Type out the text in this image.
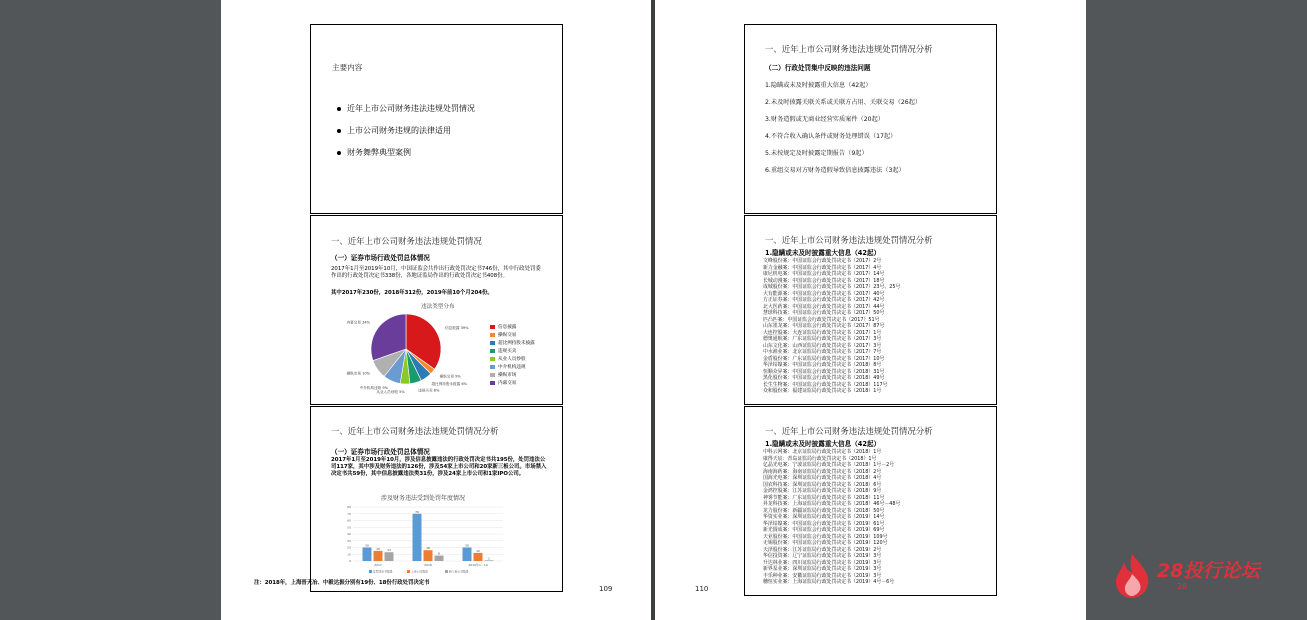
主要内容
近年上市公司财务违法违规处罚情况
上市公司财务违规的法律适用
财务舞弊典型案例
一、近年上市公司财务违法违规处罚情况
（一）证券市场行政处罚总体情况
2017年1月至2019年10月，中国证监会共作出行政处罚决定书746份，其中行政处罚委作出的行政处罚决定书338份，各地证监局作出的行政处罚决定书408份。
其中2017年230份，2018年312份，2019年前10个月204份。
违法类型分布
信息披露 39%
操纵交易 9%
超比例持股未披露 6%
违规买卖 6%
从业人员炒股 5%
中介机构违规 9%
操纵市场 10%
内幕交易 34%
信息披露
操纵交易
超比例持股未披露
违规买卖
从业人员炒股
中介机构违规
操纵市场
内幕交易
一、近年上市公司财务违法违规处罚情况分析
（一）证券市场行政处罚总体情况
2017年1月至2019年10月，涉及信息披露违法的行政处罚决定书共195份，处罚违法公司117家，其中涉及财务违法的126份，涉及54家上市公司和20家新三板公司。市场禁入决定书共59份，其中信息披露违法类31份，涉及24家上市公司和1家IPO公司。
涉及财务违法受到处罚年度情况
0
10
20
30
40
50
60
70
80
20
15 13
2017
70
16
8
2018
20
12
1
2019年1－10
处罚决定书数量	上市公司数量	新三板公司数量
注：2018年，上海晋天冶、中毅达振分别有19份、18份行政处罚决定书
109
一、近年上市公司财务违法违规处罚情况分析
（二）行政处罚集中反映的违法问题
1.隐瞒或未及时披露重大信息（42起）
2.未及时披露关联关系或关联方占用、关联交易（26起）
3.财务造假或无商业经营实质案件（20起）
4.不符合收入确认条件或财务处理错误（17起）
5.未按规定及时披露定期报告（9起）
6.重组交易对方财务造假导致信息披露违法（3起）
一、近年上市公司财务违法违规处罚情况分析
1.隐瞒或未及时披露重大信息（42起）
文峰股份案：中国证监会行政处罚决定书（2017）2号
新力金融案：中国证监会行政处罚决定书（2017）4号
康尼机电案：中国证监会行政处罚决定书（2017）14号
长城动漫案：中国证监会行政处罚决定书（2017）18号
成城股份案：中国证监会行政处罚决定书（2017）23号、25号
大有能源案：中国证监会行政处罚决定书（2017）40号
方正证券案：中国证监会行政处罚决定书（2017）42号
北大医药案：中国证监会行政处罚决定书（2017）44号
慧球科技案：中国证监会行政处罚决定书（2017）50号
匹凸匹案：中国证监会行政处罚决定书（2017）51号
山东墨龙案：中国证监会行政处罚决定书（2017）87号
大连控股案：大连证监局行政处罚决定书（2017）1号
德奥通航案：广东证监局行政处罚决定书（2017）3号
山东文化案：山西证监局行政处罚决定书（2017）3号
中水渔业案：北京证监局行政处罚决定书（2017）7号
金盾股份案：广东证监局行政处罚决定书（2017）10号
华泽钴镍案：中国证监会行政处罚决定书（2018）8号
恒顺众昇案：中国证监会行政处罚决定书（2018）31号
黑化股份案：中国证监会行政处罚决定书（2018）49号
长生生物案：中国证监会行政处罚决定书（2018）117号
众和股份案：福建证监局行政处罚决定书（2018）1号
一、近年上市公司财务违法违规处罚情况分析
1.隐瞒或未及时披露重大信息（42起）
中科云网案：北京证监局行政处罚决定书（2018）1号
康得天宸：青岛证监局行政处罚决定书（2018）1号
亿晶光电案：宁波证监局行政处罚决定书（2018）1号－2号
海南海药案：海南证监局行政处罚决定书（2018）2号
国海光电案：深圳证监局行政处罚决定书（2018）4号
国农科技案：深圳证监局行政处罚决定书（2018）6号
金鸿控股案：江苏证监局行政处罚决定书（2018）9号
神雾节能案：广东证监局行政处罚决定书（2018）11号
昇龙科技案：上海证监局行政处罚决定书（2018）46号－48号
龙力股份案：新疆证监局行政处罚决定书（2018）50号
华资实业案：深圳证监局行政处罚决定书（2019）14号
华泽钴镍案：中国证监会行政处罚决定书（2019）61号
新光圆成案：中国证监会行政处罚决定书（2019）69号
天业股份案：中国证监会行政处罚决定书（2019）109号
无锡股份案：中国证监会行政处罚决定书（2019）120号
天泽股份案：江苏证监局行政处罚决定书（2019）2号
华信投资案：辽宁证监局行政处罚决定书（2019）3号
升达林业案：四川证监局行政处罚决定书（2019）3号
新界泵业案：深圳证监局行政处罚决定书（2019）3号
丰乐种业案：安徽证监局行政处罚决定书（2019）3号
穗恒实业案：上海证监局行政处罚决定书（2019）4号－6号
110
28投行论坛
www.28touhang.com
